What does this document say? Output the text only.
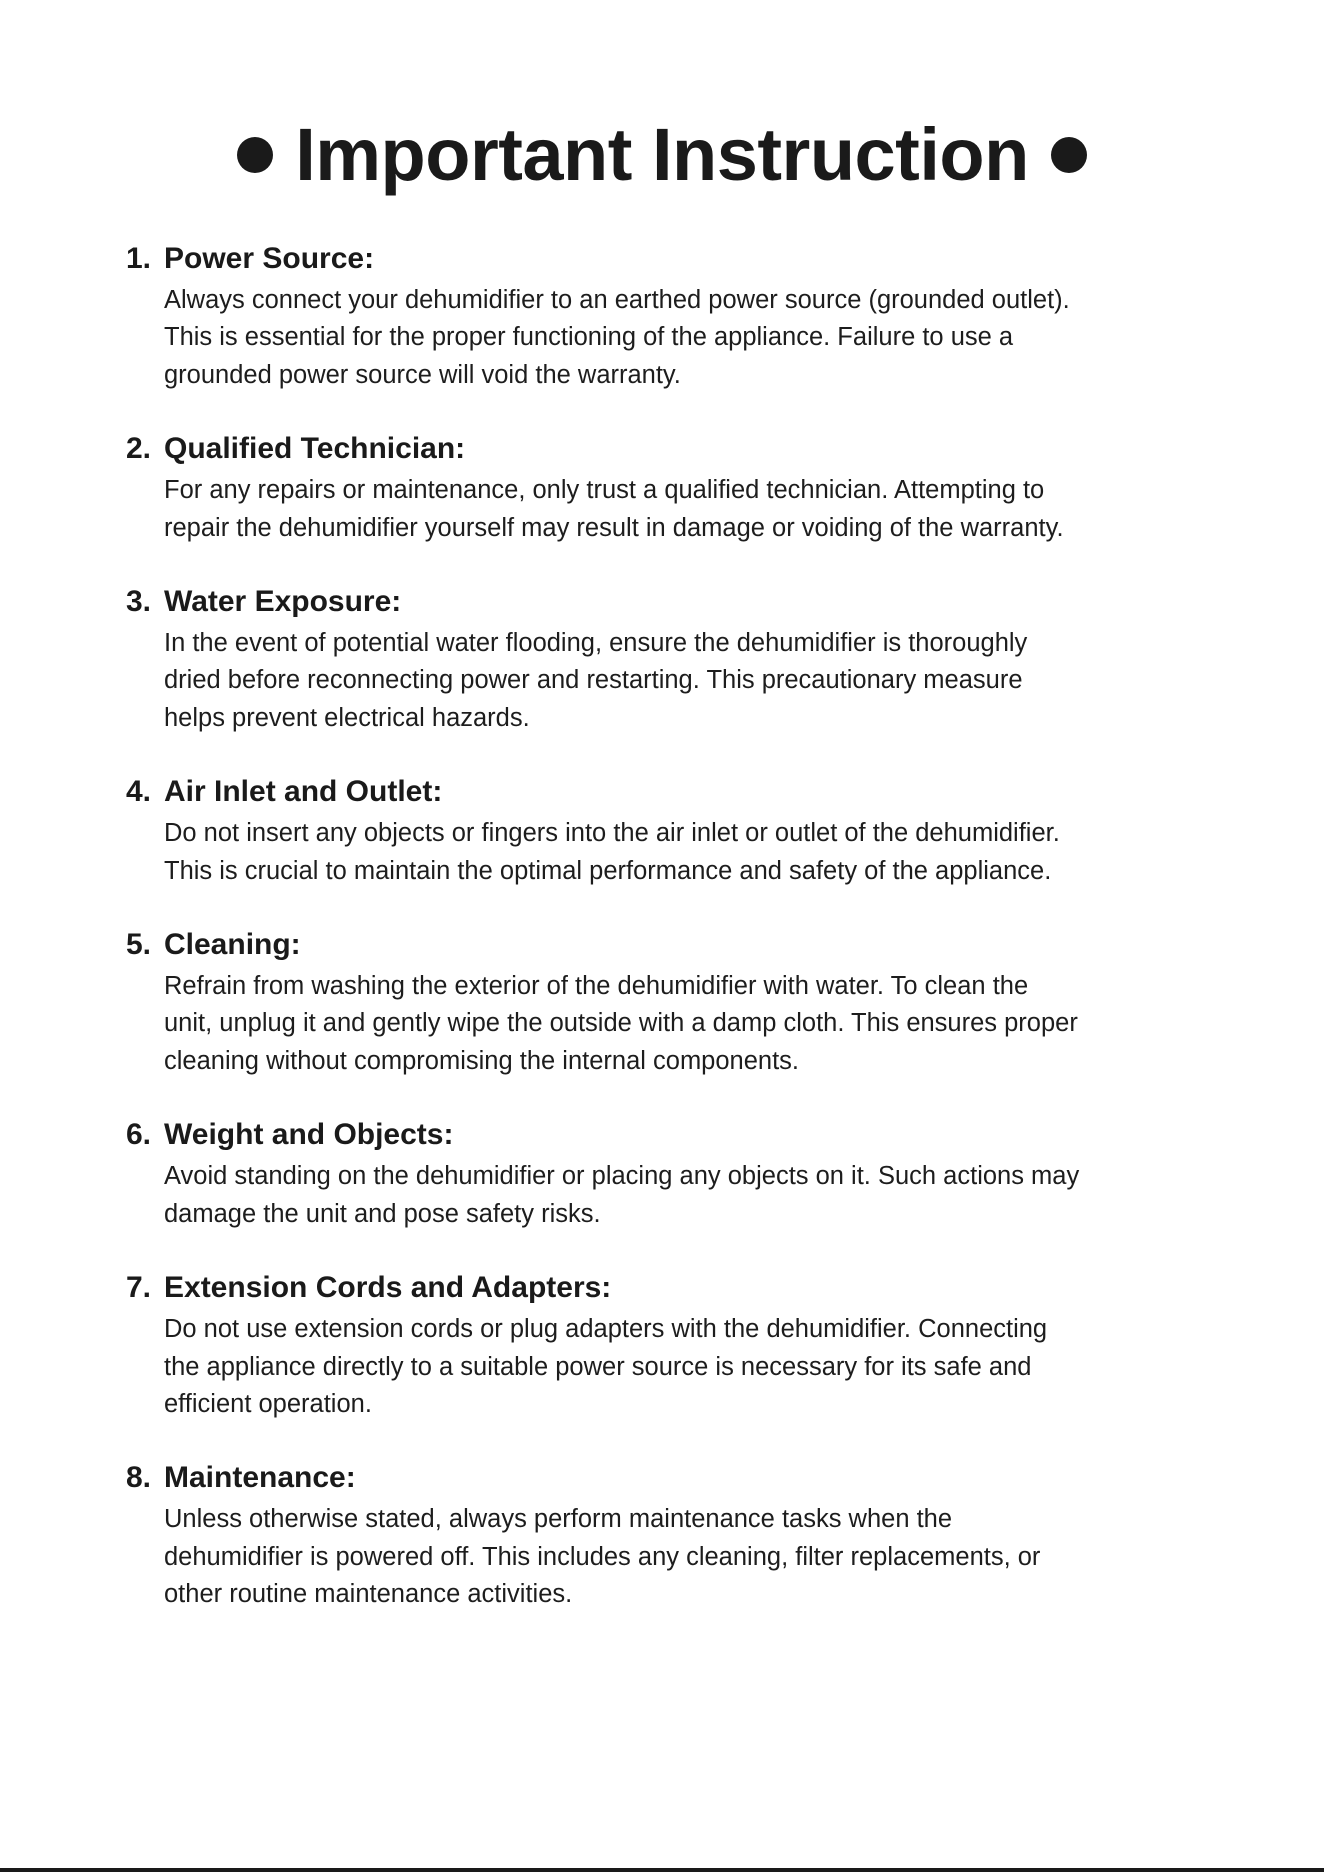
Important Instruction
1. Power Source:
Always connect your dehumidifier to an earthed power source (grounded outlet).
This is essential for the proper functioning of the appliance. Failure to use a
grounded power source will void the warranty.
2. Qualified Technician:
For any repairs or maintenance, only trust a qualified technician. Attempting to
repair the dehumidifier yourself may result in damage or voiding of the warranty.
3. Water Exposure:
In the event of potential water flooding, ensure the dehumidifier is thoroughly
dried before reconnecting power and restarting. This precautionary measure
helps prevent electrical hazards.
4. Air Inlet and Outlet:
Do not insert any objects or fingers into the air inlet or outlet of the dehumidifier.
This is crucial to maintain the optimal performance and safety of the appliance.
5. Cleaning:
Refrain from washing the exterior of the dehumidifier with water. To clean the
unit, unplug it and gently wipe the outside with a damp cloth. This ensures proper
cleaning without compromising the internal components.
6. Weight and Objects:
Avoid standing on the dehumidifier or placing any objects on it. Such actions may
damage the unit and pose safety risks.
7. Extension Cords and Adapters:
Do not use extension cords or plug adapters with the dehumidifier. Connecting
the appliance directly to a suitable power source is necessary for its safe and
efficient operation.
8. Maintenance:
Unless otherwise stated, always perform maintenance tasks when the
dehumidifier is powered off. This includes any cleaning, filter replacements, or
other routine maintenance activities.
